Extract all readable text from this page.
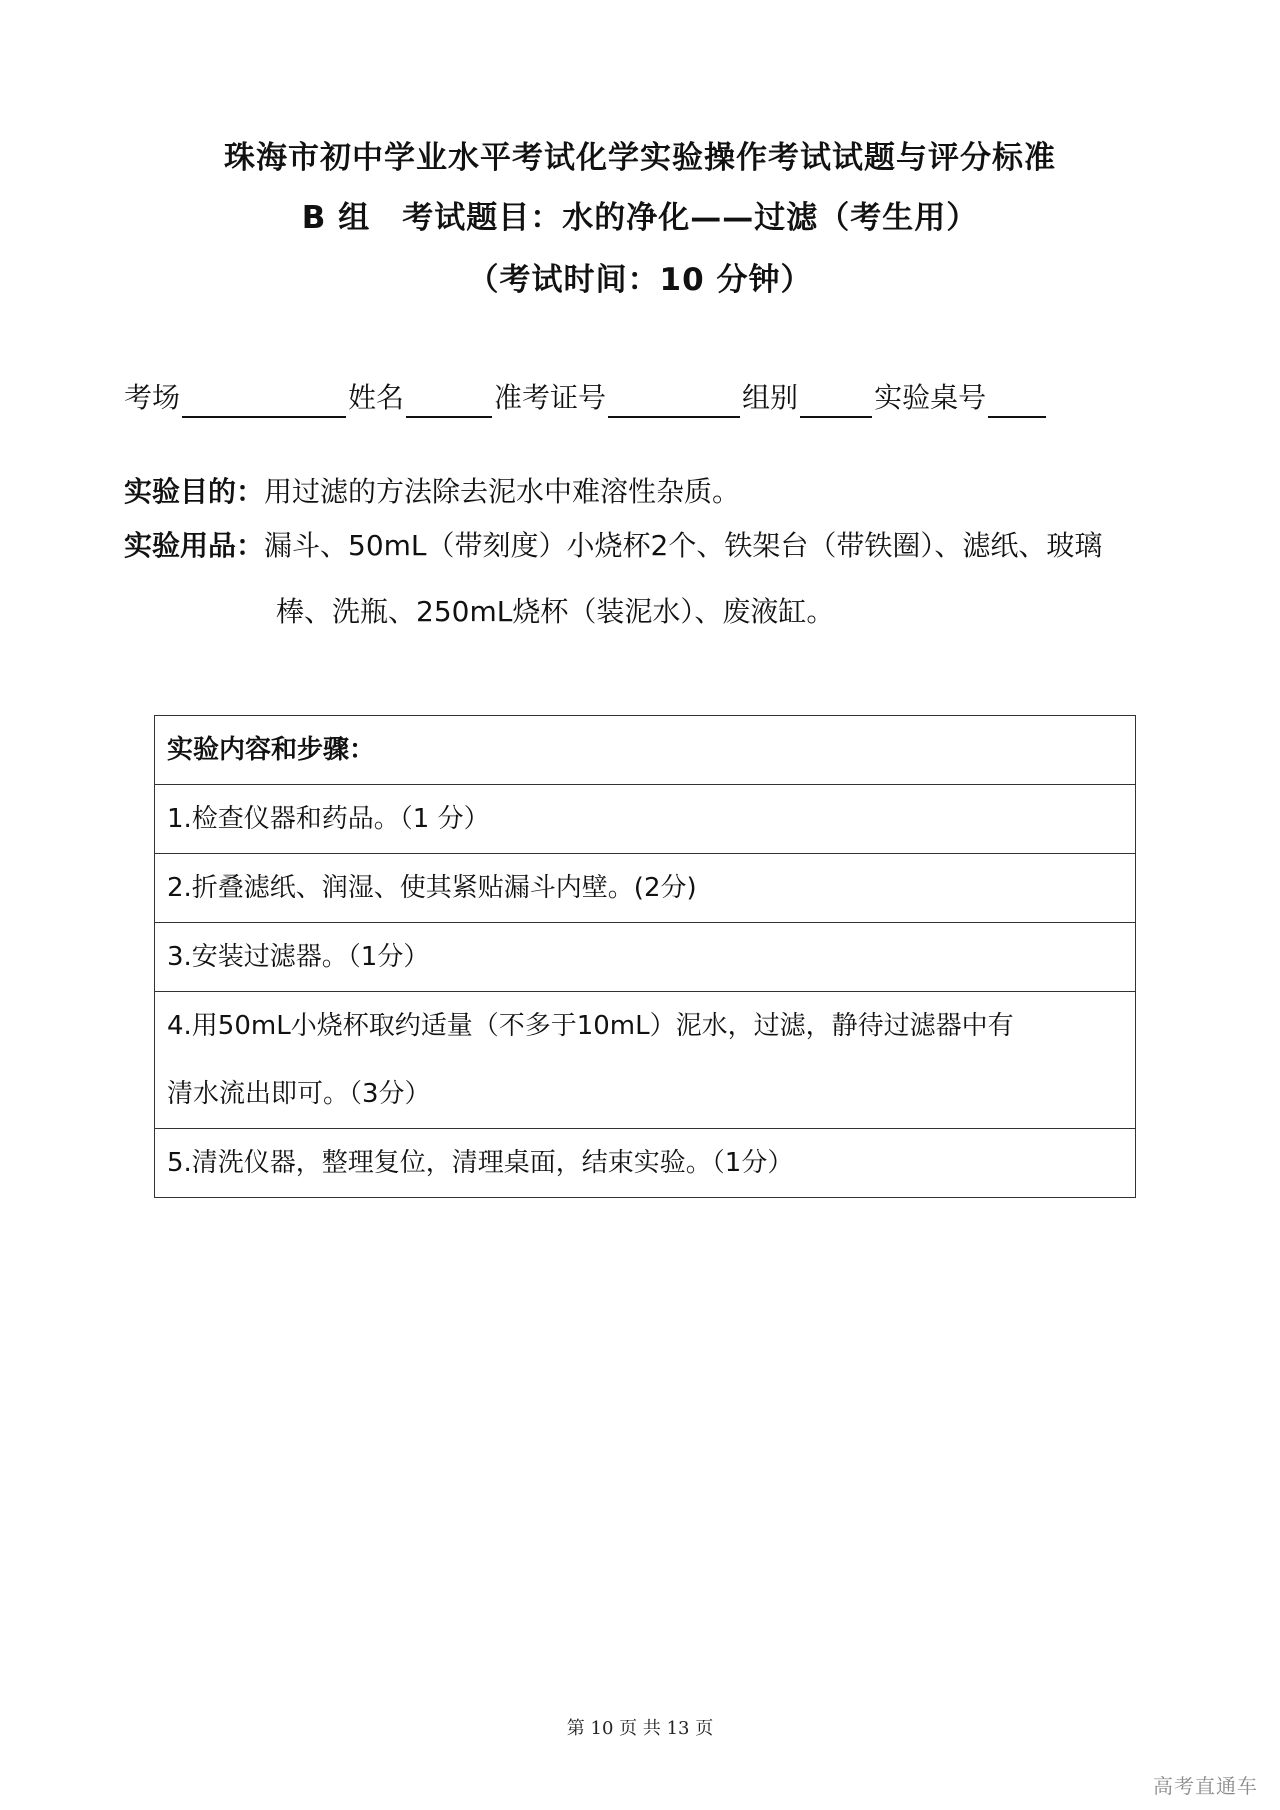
珠海市初中学业水平考试化学实验操作考试试题与评分标准
B 组　考试题目：水的净化——过滤（考生用）
（考试时间：10 分钟）
考场	姓名	准考证号	组别	实验桌号
实验目的：用过滤的方法除去泥水中难溶性杂质。
实验用品：漏斗、50mL（带刻度）小烧杯2个、铁架台（带铁圈）、滤纸、玻璃
棒、洗瓶、250mL烧杯（装泥水）、废液缸。
实验内容和步骤：
1.检查仪器和药品。（1 分）
2.折叠滤纸、润湿、使其紧贴漏斗内壁。(2分)
3.安装过滤器。（1分）

4.用50mL小烧杯取约适量（不多于10mL）泥水，过滤，静待过滤器中有
清水流出即可。（3分）

5.清洗仪器，整理复位，清理桌面，结束实验。（1分）
第 10 页 共 13 页
高考直通车
